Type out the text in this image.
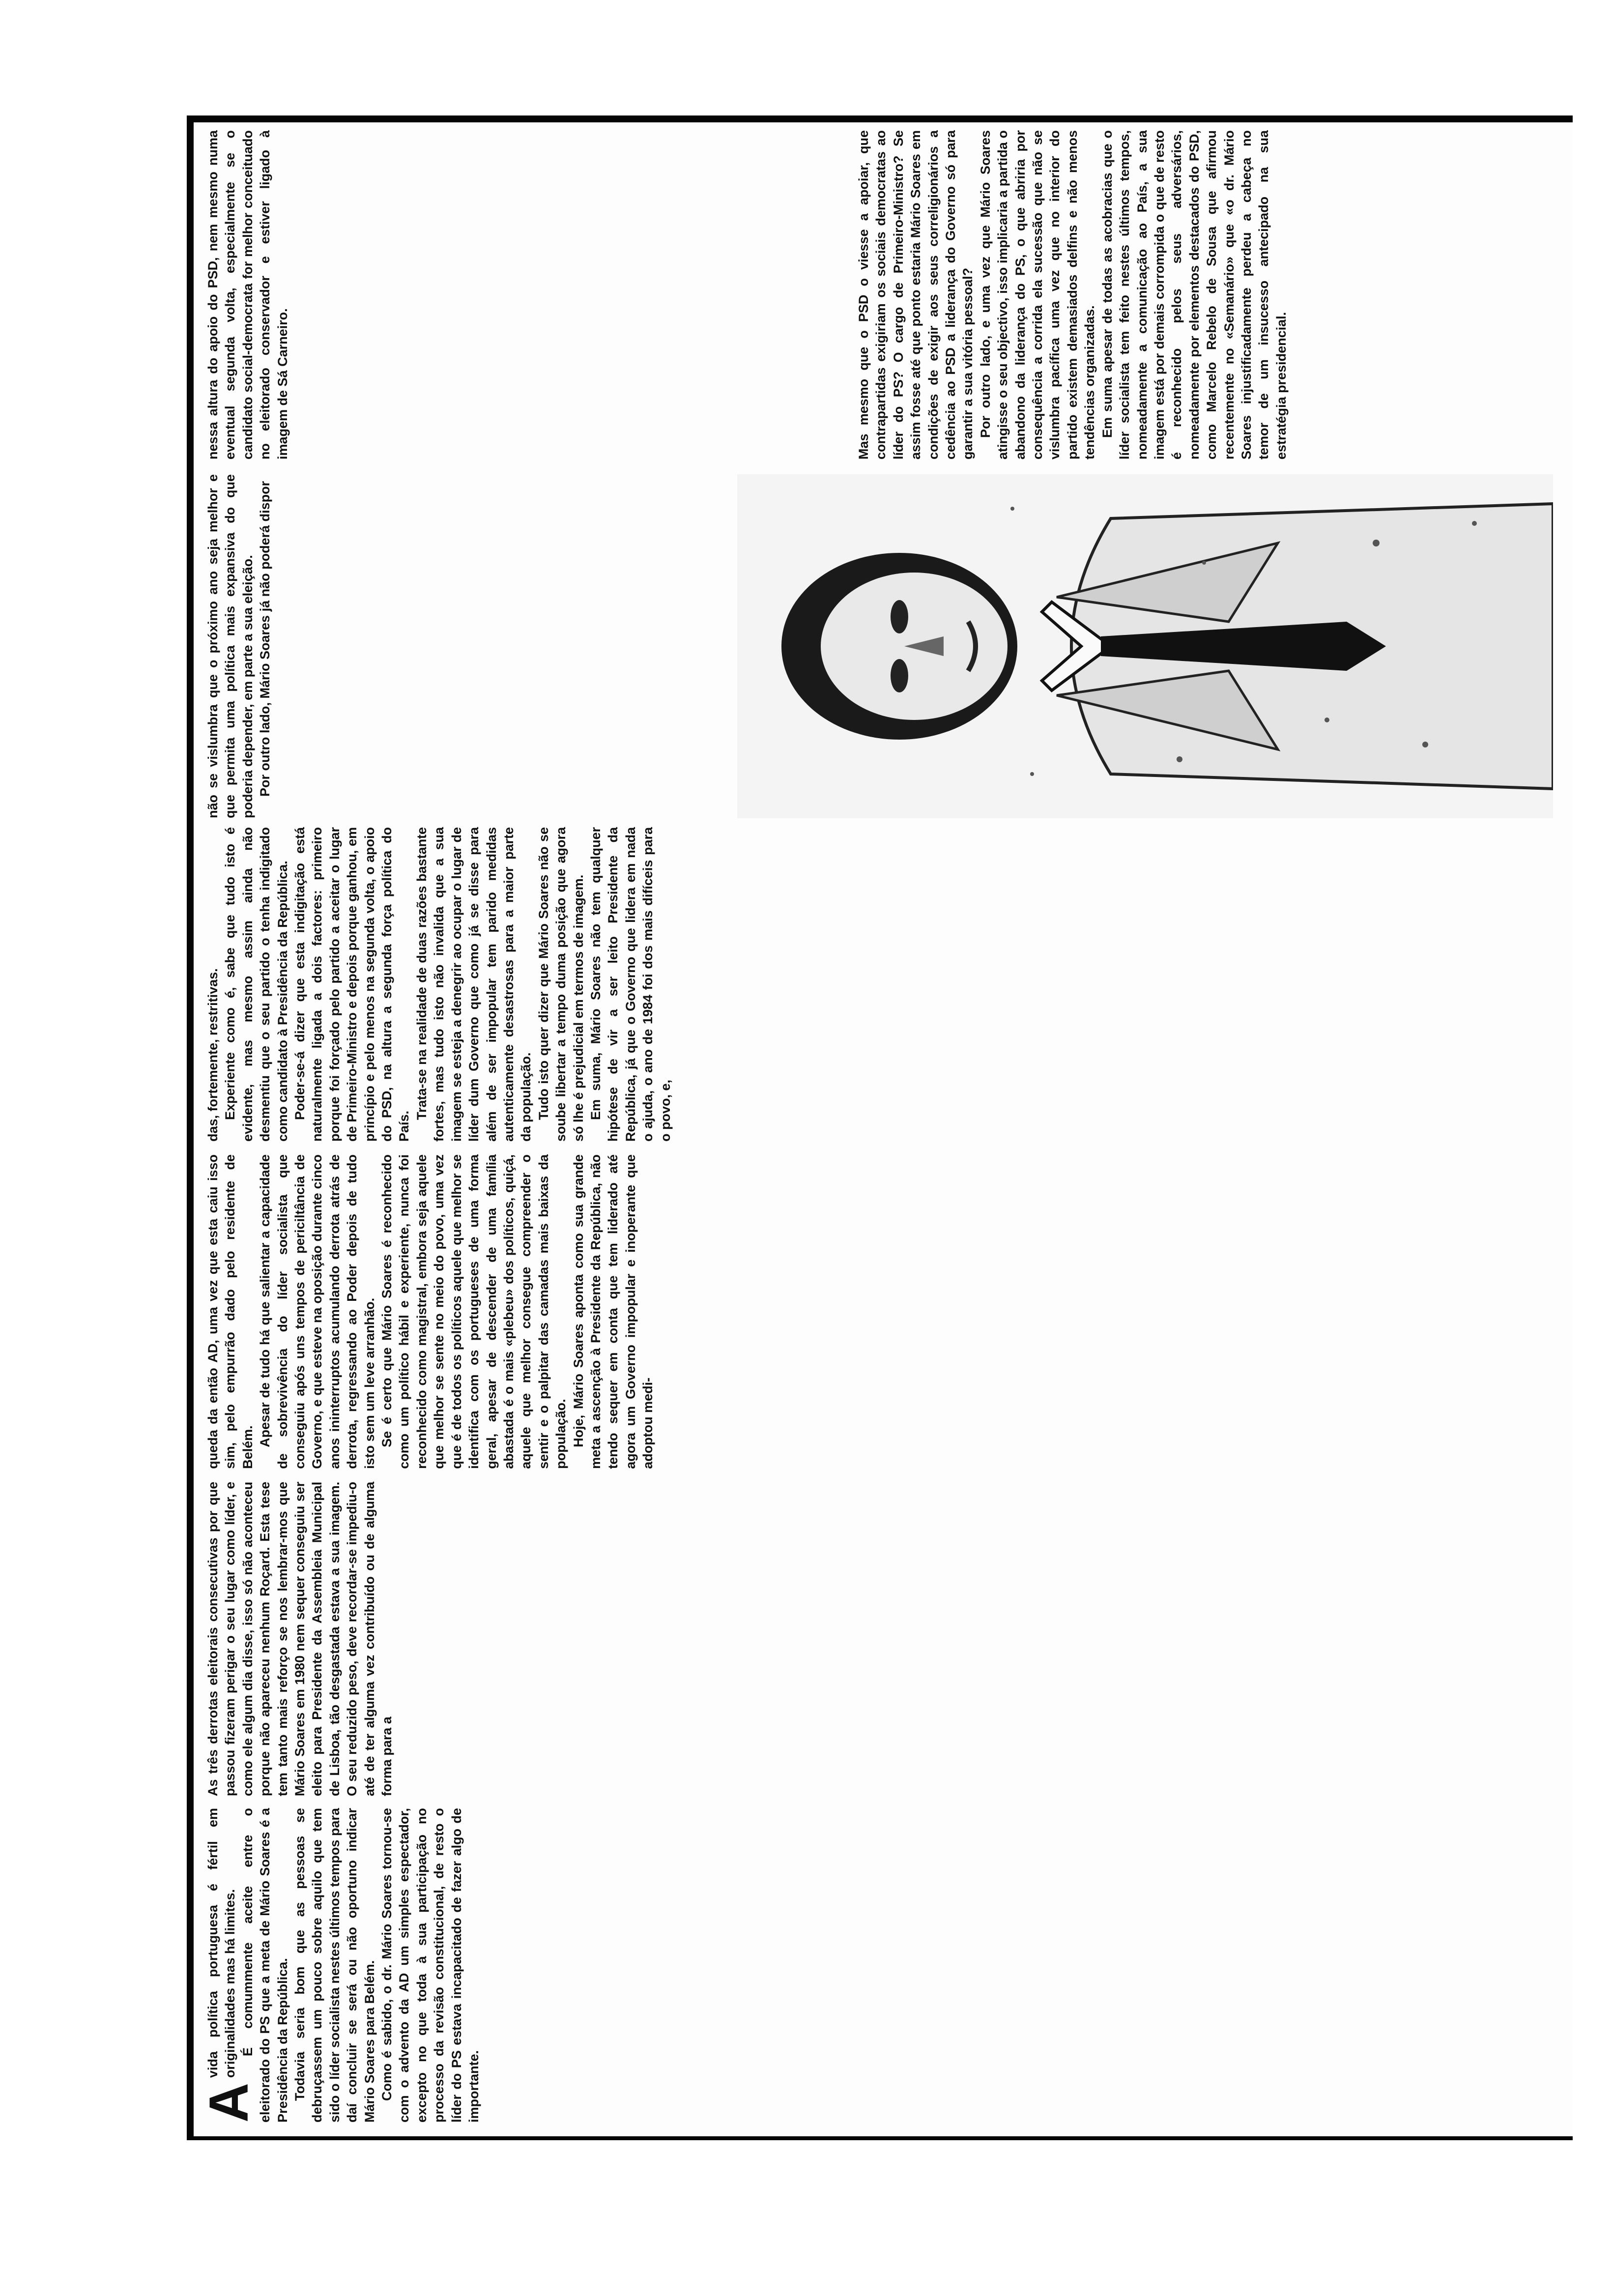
A
vida política portuguesa é fértil em originalidades mas há limites. É comummente aceite entre o eleitorado do PS que a meta de Mário Soares é a Presidência da República. Todavia seria bom que as pessoas se debruçassem um pouco sobre aquilo que tem sido o líder socialista nestes últimos tempos para daí concluir se será ou não oportuno indicar Mário Soares para Belém. Como é sabido, o dr. Mário Soares tornou-se com o advento da AD um simples espectador, excepto no que toda à sua participação no processo da revisão constitucional, de resto o líder do PS estava incapacitado de fazer algo de importante.

As três derrotas eleitorais consecutivas por que passou fizeram perigar o seu lugar como líder, e como ele algum dia disse, isso só não aconteceu porque não apareceu nenhum Roçard. Esta tese tem tanto mais reforço se nos lembrar-mos que Mário Soares em 1980 nem sequer conseguiu ser eleito para Presidente da Assembleia Municipal de Lisboa, tão desgastada estava a sua imagem. O seu reduzido peso, deve recordar-se impediu-o até de ter alguma vez contribuído ou de alguma forma para a

queda da então AD, uma vez que esta caiu isso sim, pelo empurrão dado pelo residente de Belém. Apesar de tudo há que salientar a capacidade de sobrevivência do líder socialista que conseguiu após uns tempos de periciltância de Governo, e que esteve na oposição durante cinco anos ininterruptos acumulando derrota atrás de derrota, regressando ao Poder depois de tudo isto sem um leve arranhão. Se é certo que Mário Soares é reconhecido como um político hábil e experiente, nunca foi reconhecido como magistral, embora seja aquele que melhor se sente no meio do povo, uma vez que é de todos os políticos aquele que melhor se identifica com os portugueses de uma forma geral, apesar de descender de uma família abastada é o mais «plebeu» dos políticos, quiçá, aquele que melhor consegue compreender o sentir e o palpitar das camadas mais baixas da população. Hoje, Mário Soares aponta como sua grande meta a ascenção à Presidente da República, não tendo sequer em conta que tem liderado até agora um Governo impopular e inoperante que adoptou medi-

das, fortemente, restritivas. Experiente como é, sabe que tudo isto é evidente, mas mesmo assim ainda não desmentiu que o seu partido o tenha indigitado como candidato à Presidência da República. Poder-se-á dizer que esta indigitação está naturalmente ligada a dois factores: primeiro porque foi forçado pelo partido a aceitar o lugar de Primeiro-Ministro e depois porque ganhou, em princípio e pelo menos na segunda volta, o apoio do PSD, na altura a segunda força política do País.

Trata-se na realidade de duas razões bastante fortes, mas tudo isto não invalida que a sua imagem se esteja a denegrir ao ocupar o lugar de líder dum Governo que como já se disse para além de ser impopular tem parido medidas autenticamente desastrosas para a maior parte da população. Tudo isto quer dizer que Mário Soares não se soube libertar a tempo duma posição que agora só lhe é prejudicial em termos de imagem. Em suma, Mário Soares não tem qualquer hipótese de vir a ser leito Presidente da República, já que o Governo que lidera em nada o ajuda, o ano de 1984 foi dos mais difíceis para o povo, e,

não se vislumbra que o próximo ano seja melhor e que permita uma política mais expansiva do que poderia depender, em parte a sua eleição. Por outro lado, Mário Soares já não poderá dispor

nessa altura do apoio do PSD, nem mesmo numa eventual segunda volta, especialmente se o candidato social-democrata for melhor conceituado no eleitorado conservador e estiver ligado à imagem de Sá Carneiro.	Mas mesmo que o PSD o viesse a apoiar, que contrapartidas exigiriam os sociais democratas ao líder do PS? O cargo de Primeiro-Ministro? Se assim fosse até que ponto estaria Mário Soares em condições de exigir aos seus correligionários a cedência ao PSD a liderança do Governo só para garantir a sua vitória pessoal? Por outro lado, e uma vez que Mário Soares atingisse o seu objectivo, isso implicaria a partida o abandono da liderança do PS, o que abriria por consequência a corrida ela sucessão que não se vislumbra pacífica uma vez que no interior do partido existem demasiados delfins e não menos tendências organizadas. Em suma apesar de todas as acobracias que o líder socialista tem feito nestes últimos tempos, nomeadamente a comunicação ao País, a sua imagem está por demais corrompida o que de resto é reconhecido pelos seus adversários, nomeadamente por elementos destacados do PSD, como Marcelo Rebelo de Sousa que afirmou recentemente no «Semanário» que «o dr. Mário Soares injustificadamente perdeu a cabeça no temor de um insucesso antecipado na sua estratégia presidencial.
